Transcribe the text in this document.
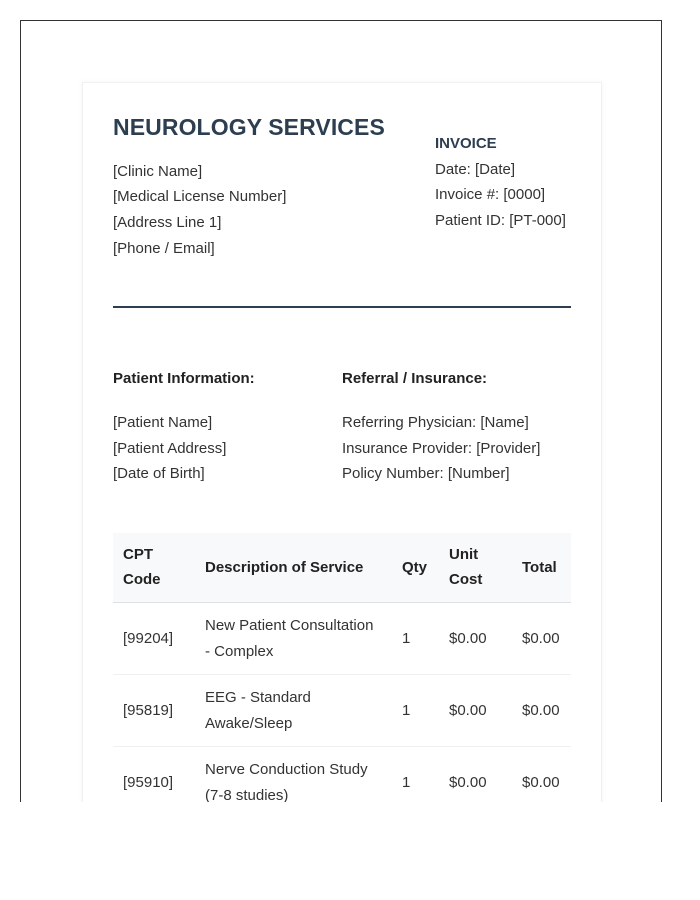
NEUROLOGY SERVICES
[Clinic Name]
[Medical License Number]
[Address Line 1]
[Phone / Email]
INVOICE
Date: [Date]
Invoice #: [0000]
Patient ID: [PT-000]
Patient Information:
[Patient Name]
[Patient Address]
[Date of Birth]
Referral / Insurance:
Referring Physician: [Name]
Insurance Provider: [Provider]
Policy Number: [Number]
CPT Code	Description of Service	Qty	Unit Cost	Total
[99204]	New Patient Consultation - Complex	1	$0.00	$0.00
[95819]	EEG - Standard Awake/Sleep	1	$0.00	$0.00
[95910]	Nerve Conduction Study (7-8 studies)	1	$0.00	$0.00
